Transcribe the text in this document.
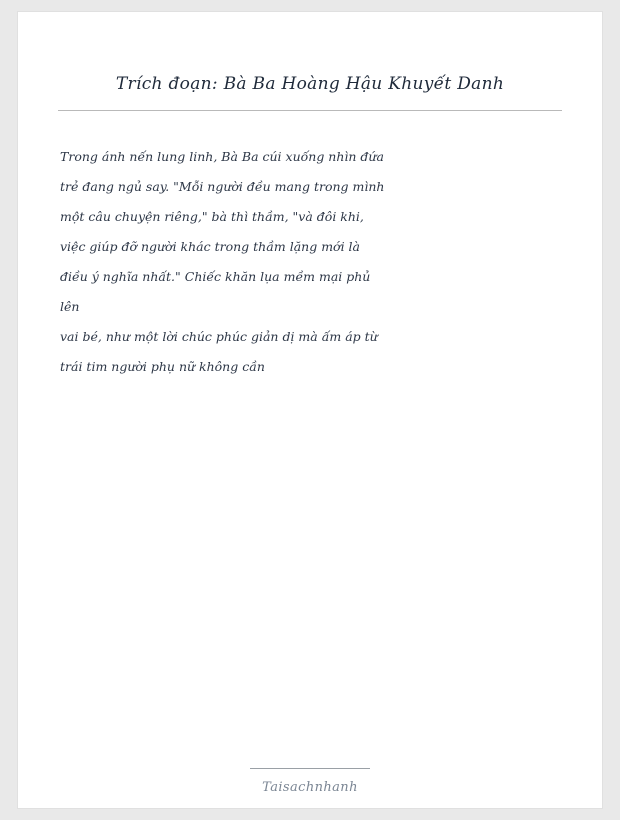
Trích đoạn: Bà Ba Hoàng Hậu Khuyết Danh
Trong ánh nến lung linh, Bà Ba cúi xuống nhìn đứa
trẻ đang ngủ say. "Mỗi người đều mang trong mình
một câu chuyện riêng," bà thì thầm, "và đôi khi,
việc giúp đỡ người khác trong thầm lặng mới là
điều ý nghĩa nhất." Chiếc khăn lụa mềm mại phủ lên
vai bé, như một lời chúc phúc giản dị mà ấm áp từ
trái tim người phụ nữ không cần
Taisachnhanh
